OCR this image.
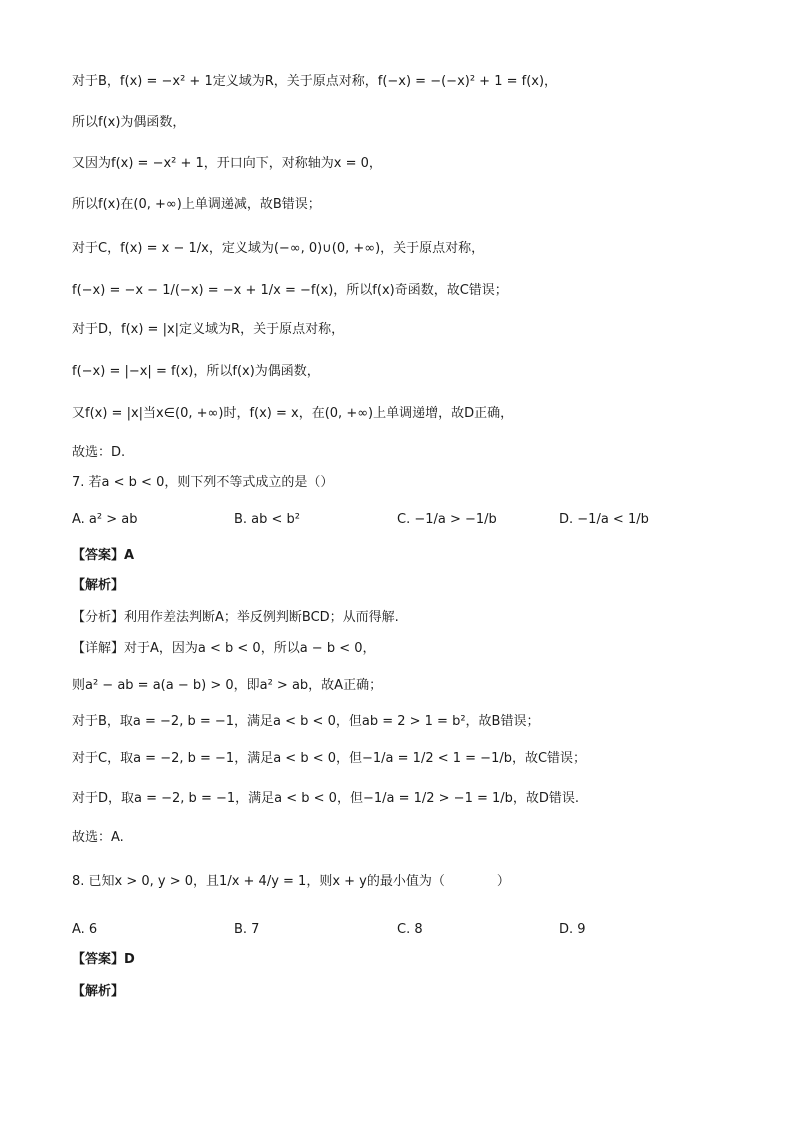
对于B，f(x) = −x² + 1定义域为R，关于原点对称，f(−x) = −(−x)² + 1 = f(x)，
所以f(x)为偶函数，
又因为f(x) = −x² + 1，开口向下，对称轴为x = 0，
所以f(x)在(0, +∞)上单调递减，故B错误；
对于C，f(x) = x − 1/x，定义域为(−∞, 0)∪(0, +∞)，关于原点对称，
f(−x) = −x − 1/(−x) = −x + 1/x = −f(x)，所以f(x)奇函数，故C错误；
对于D，f(x) = |x|定义域为R，关于原点对称，
f(−x) = |−x| = f(x)，所以f(x)为偶函数，
又f(x) = |x|当x∈(0, +∞)时，f(x) = x，在(0, +∞)上单调递增，故D正确，
故选：D.
7. 若a < b < 0，则下列不等式成立的是（）
A. a² > ab	B. ab < b²	C. −1/a > −1/b	D. −1/a < 1/b
【答案】A
【解析】
【分析】利用作差法判断A；举反例判断BCD；从而得解.
【详解】对于A，因为a < b < 0，所以a − b < 0，
则a² − ab = a(a − b) > 0，即a² > ab，故A正确；
对于B，取a = −2, b = −1，满足a < b < 0，但ab = 2 > 1 = b²，故B错误；
对于C，取a = −2, b = −1，满足a < b < 0，但−1/a = 1/2 < 1 = −1/b，故C错误；
对于D，取a = −2, b = −1，满足a < b < 0，但−1/a = 1/2 > −1 = 1/b，故D错误.
故选：A.
8. 已知x > 0, y > 0，且1/x + 4/y = 1，则x + y的最小值为（　　　　）
A. 6	B. 7	C. 8	D. 9
【答案】D
【解析】
